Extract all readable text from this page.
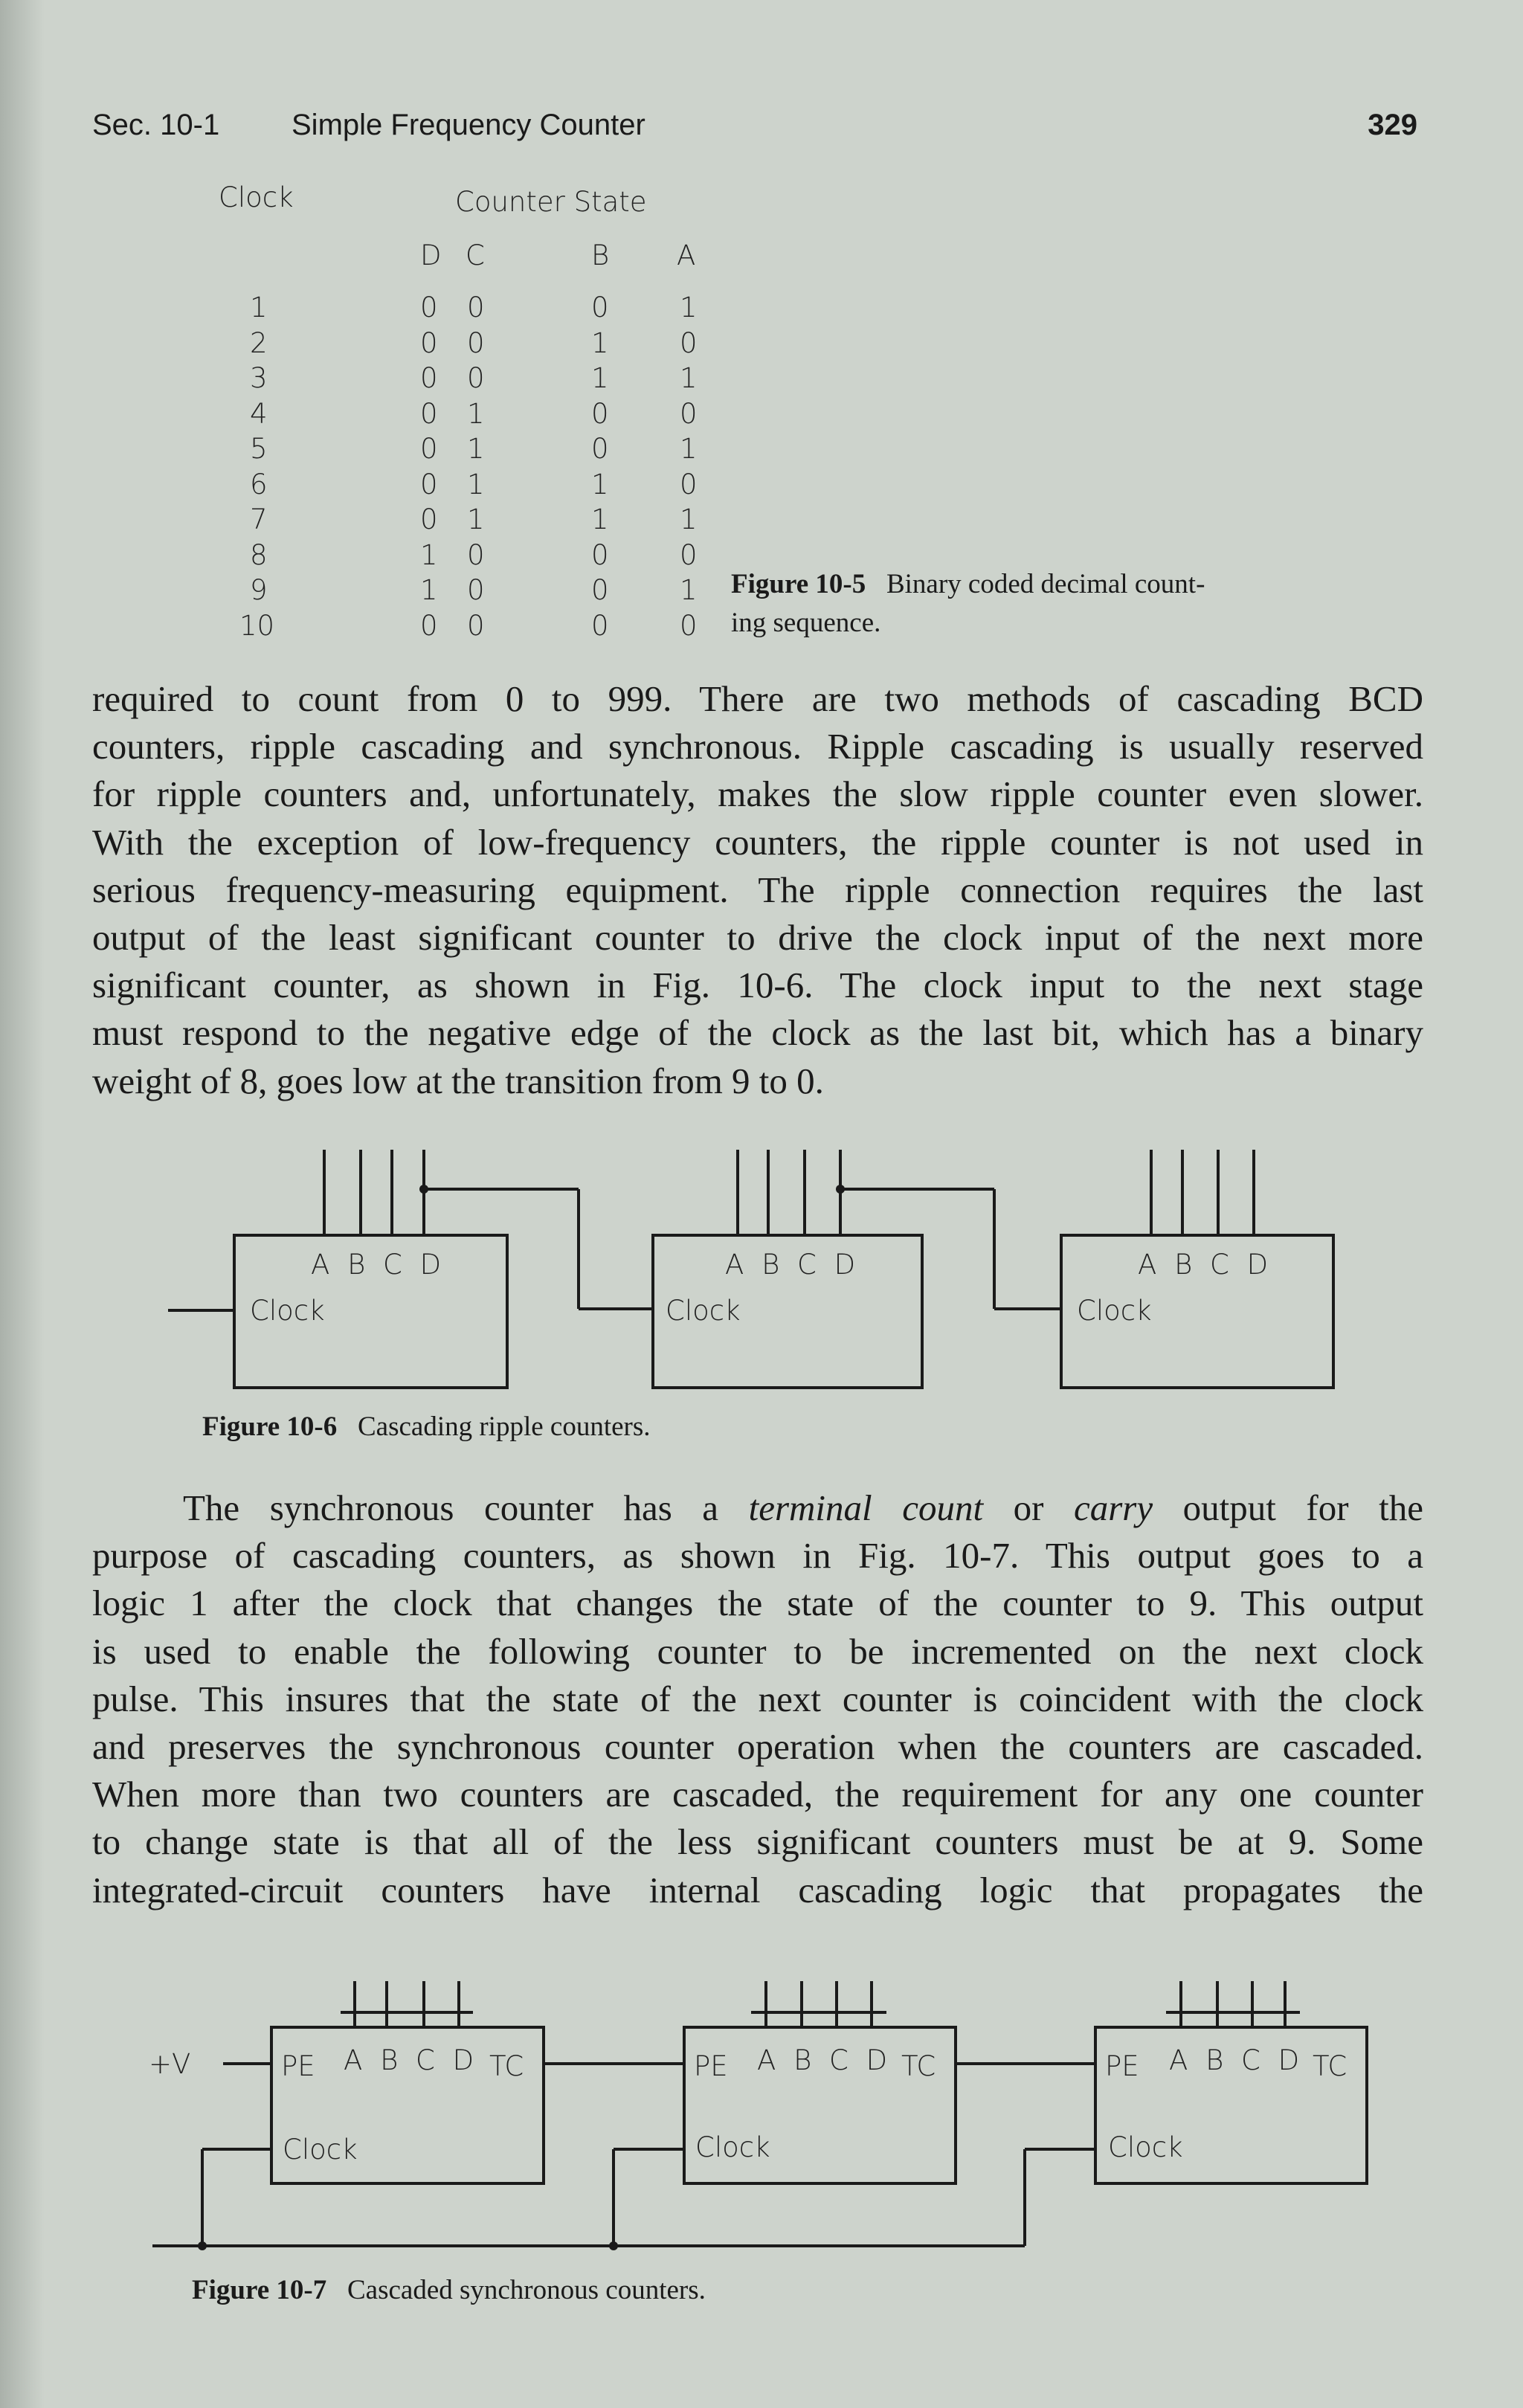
Sec. 10-1 Simple Frequency Counter	329
Clock	Counter State
D C	B A
1	0 0	0	1
2	0 0	1	0
3	0 0	1	1
4	0 1	0	0
5	0 1	0	1
6	0 1	1	0
7	0 1	1	1
8	1 0	0	0
9	1 0	0	1
10	0 0	0	0
Figure 10-5 Binary coded decimal count-
ing sequence.
required to count from 0 to 999. There are two methods of cascading BCD
counters, ripple cascading and synchronous. Ripple cascading is usually reserved
for ripple counters and, unfortunately, makes the slow ripple counter even slower.
With the exception of low-frequency counters, the ripple counter is not used in
serious frequency-measuring equipment. The ripple connection requires the last
output of the least significant counter to drive the clock input of the next more
significant counter, as shown in Fig. 10-6. The clock input to the next stage
must respond to the negative edge of the clock as the last bit, which has a binary
weight of 8, goes low at the transition from 9 to 0.
A B C D
Clock
A B C D
Clock
A B C D
Clock
Figure 10-6 Cascading ripple counters.
The synchronous counter has a terminal count or carry output for the
purpose of cascading counters, as shown in Fig. 10-7. This output goes to a
logic 1 after the clock that changes the state of the counter to 9. This output
is used to enable the following counter to be incremented on the next clock
pulse. This insures that the state of the next counter is coincident with the clock
and preserves the synchronous counter operation when the counters are cascaded.
When more than two counters are cascaded, the requirement for any one counter
to change state is that all of the less significant counters must be at 9. Some
integrated-circuit counters have internal cascading logic that propagates the
+V	PE A B C D TC
Clock
PE A B C D TC
Clock
PE A B C D TC
Clock
Figure 10-7 Cascaded synchronous counters.
